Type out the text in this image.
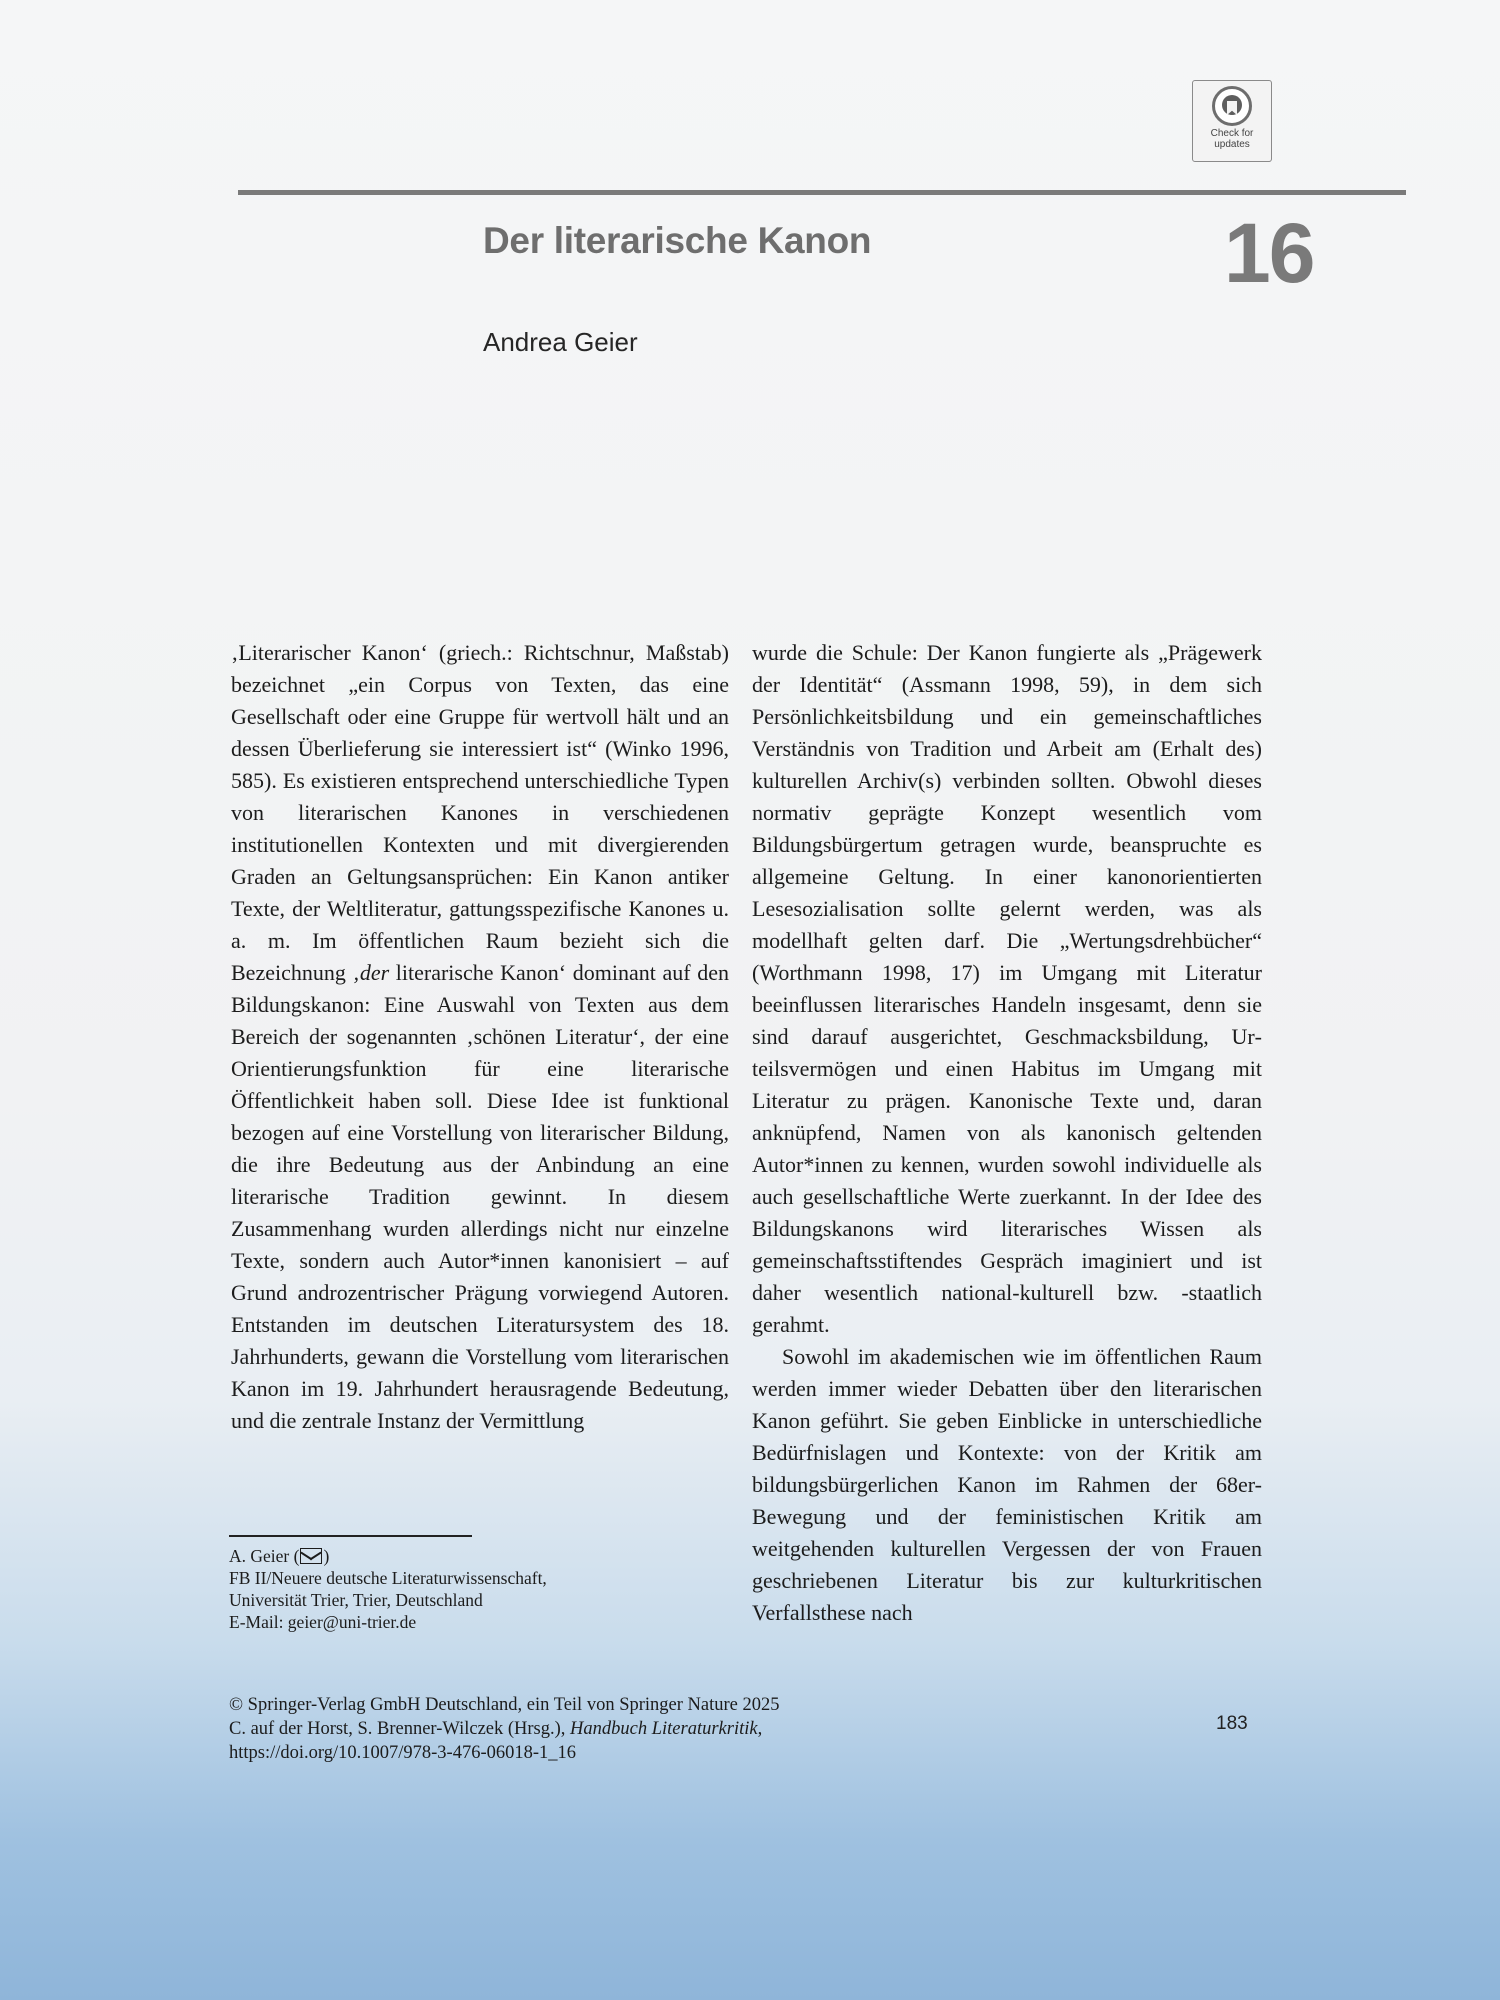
Check for
updates
Der literarische Kanon	16
Andrea Geier

‚Literarischer Kanon‘ (griech.: Richtschnur, Maßstab) bezeichnet „ein Corpus von Texten, das eine Gesellschaft oder eine Gruppe für wertvoll hält und an dessen Überlieferung sie interessiert ist“ (Winko 1996, 585). Es existieren entsprechend unterschiedliche Typen von literarischen Kanones in verschiedenen institutionellen Kontexten und mit divergierenden Graden an Geltungsansprüchen: Ein Kanon antiker Texte, der Weltliteratur, gattungsspezifische Kanones u. a. m. Im öffentlichen Raum bezieht sich die Bezeichnung ‚der literarische Kanon‘ dominant auf den Bildungskanon: Eine Auswahl von Texten aus dem Bereich der sogenannten ‚schönen Literatur‘, der eine Orientierungsfunktion für eine literarische Öffentlichkeit haben soll. Diese Idee ist funktional bezogen auf eine Vorstellung von literarischer Bildung, die ihre Bedeutung aus der Anbindung an eine literarische Tradition gewinnt. In diesem Zusammenhang wurden allerdings nicht nur einzelne Texte, sondern auch Autor*innen kanonisiert – auf Grund androzentrischer Prägung vorwiegend Autoren. Entstanden im deutschen Literatursystem des 18. Jahrhunderts, gewann die Vorstellung vom literarischen Kanon im 19. Jahrhundert herausragende Bedeutung, und die zentrale Instanz der Vermittlung

wurde die Schule: Der Kanon fungierte als „Prägewerk der Identität“ (Assmann 1998, 59), in dem sich Persönlichkeitsbildung und ein gemeinschaftliches Verständnis von Tradition und Arbeit am (Erhalt des) kulturellen Archiv(s) verbinden sollten. Obwohl dieses normativ geprägte Konzept wesentlich vom Bildungsbürgertum getragen wurde, beanspruchte es allgemeine Geltung. In einer kanonorientierten Lesesozialisation sollte gelernt werden, was als modellhaft gelten darf. Die „Wertungsdrehbücher“ (Worthmann 1998, 17) im Umgang mit Literatur beeinflussen literarisches Handeln insgesamt, denn sie sind darauf ausgerichtet, Geschmacksbildung, Urteilsvermögen und einen Habitus im Umgang mit Literatur zu prägen. Kanonische Texte und, daran anknüpfend, Namen von als kanonisch geltenden Autor*innen zu kennen, wurden sowohl individuelle als auch gesellschaftliche Werte zuerkannt. In der Idee des Bildungskanons wird literarisches Wissen als gemeinschaftsstiftendes Gespräch imaginiert und ist daher wesentlich national-kulturell bzw. -staatlich gerahmt.

Sowohl im akademischen wie im öffentlichen Raum werden immer wieder Debatten über den literarischen Kanon geführt. Sie geben Einblicke in unterschiedliche Bedürfnislagen und Kontexte: von der Kritik am bildungsbürgerlichen Kanon im Rahmen der 68er-Bewegung und der feministischen Kritik am weitgehenden kulturellen Vergessen der von Frauen geschriebenen Literatur bis zur kulturkritischen Verfallsthese nach

A. Geier ( )
FB II/Neuere deutsche Literaturwissenschaft,
Universität Trier, Trier, Deutschland
E-Mail: geier@uni-trier.de
© Springer-Verlag GmbH Deutschland, ein Teil von Springer Nature 2025
C. auf der Horst, S. Brenner-Wilczek (Hrsg.), Handbuch Literaturkritik,
https://doi.org/10.1007/978-3-476-06018-1_16
183
